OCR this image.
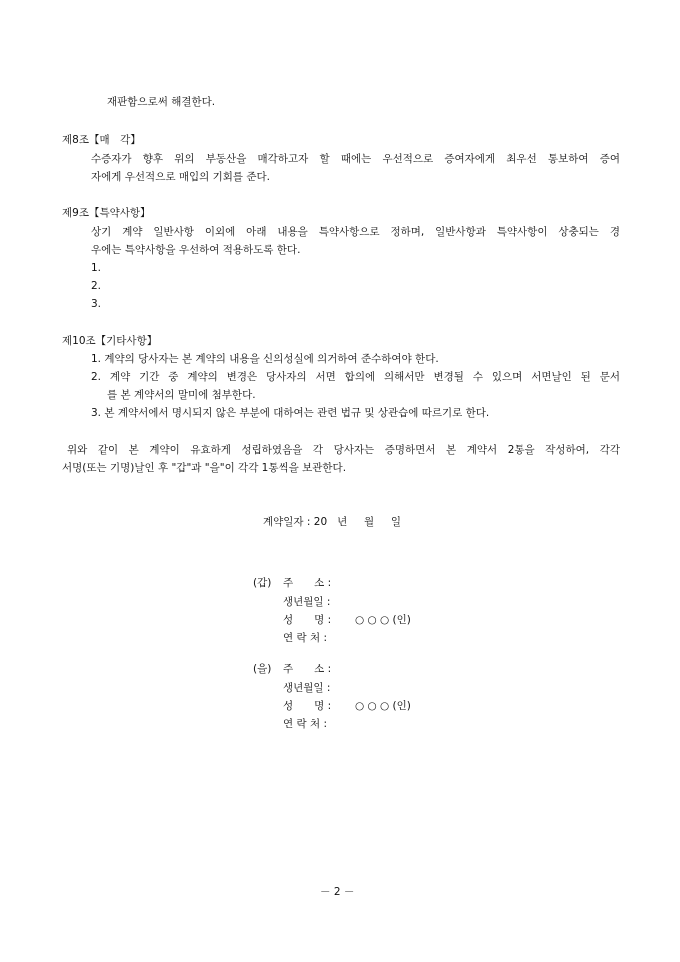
재판함으로써 해결한다.
제8조【매　각】
수증자가 향후 위의 부동산을 매각하고자 할 때에는 우선적으로 증여자에게 최우선 통보하여 증여
자에게 우선적으로 매입의 기회를 준다.
제9조【특약사항】
상기 계약 일반사항 이외에 아래 내용을 특약사항으로 정하며, 일반사항과 특약사항이 상충되는 경
우에는 특약사항을 우선하여 적용하도록 한다.
1.
2.
3.
제10조【기타사항】
1. 계약의 당사자는 본 계약의 내용을 신의성실에 의거하여 준수하여야 한다.
2. 계약 기간 중 계약의 변경은 당사자의 서면 합의에 의해서만 변경될 수 있으며 서면날인 된 문서
를 본 계약서의 말미에 첨부한다.
3. 본 계약서에서 명시되지 않은 부분에 대하여는 관련 법규 및 상관습에 따르기로 한다.
위와 같이 본 계약이 유효하게 성립하였음을 각 당사자는 증명하면서 본 계약서 2통을 작성하여, 각각
서명(또는 기명)날인 후 "갑"과 "을"이 각각 1통씩을 보관한다.
계약일자 : 20   년     월     일
(갑) 주　　소 :
생년월일 :
성　　명 : ○ ○ ○ (인)
연 락 처 :
(을) 주　　소 :
생년월일 :
성　　명 : ○ ○ ○ (인)
연 락 처 :
－ 2 －
